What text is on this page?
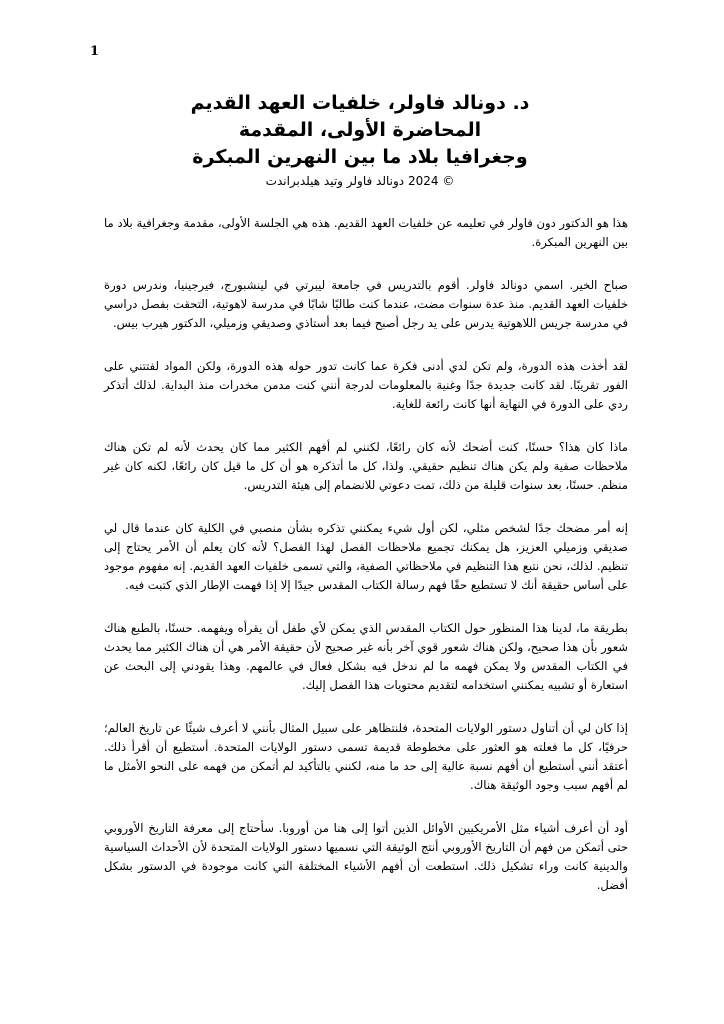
1
د. دونالد فاولر، خلفيات العهد القديم
المحاضرة الأولى، المقدمة
وجغرافيا بلاد ما بين النهرين المبكرة
© 2024 دونالد فاولر وتيد هيلدبراندت

هذا هو الدكتور دون فاولر في تعليمه عن خلفيات العهد القديم. هذه هي الجلسة الأولى، مقدمة وجغرافية بلاد ما بين النهرين المبكرة.

صباح الخير. اسمي دونالد فاولر. أقوم بالتدريس في جامعة ليبرتي في لينشبورج، فيرجينيا، وندرس دورة خلفيات العهد القديم. منذ عدة سنوات مضت، عندما كنت طالبًا شابًا في مدرسة لاهوتية، التحقت بفصل دراسي في مدرسة جريس اللاهوتية يدرس على يد رجل أصبح فيما بعد أستاذي وصديقي وزميلي، الدكتور هيرب بيس.

لقد أخذت هذه الدورة، ولم تكن لدي أدنى فكرة عما كانت تدور حوله هذه الدورة، ولكن المواد لفتتني على الفور تقريبًا. لقد كانت جديدة جدًا وغنية بالمعلومات لدرجة أنني كنت مدمن مخدرات منذ البداية. لذلك أتذكر ردي على الدورة في النهاية أنها كانت رائعة للغاية.

ماذا كان هذا؟ حسنًا، كنت أضحك لأنه كان رائعًا، لكنني لم أفهم الكثير مما كان يحدث لأنه لم تكن هناك ملاحظات صفية ولم يكن هناك تنظيم حقيقي. ولذا، كل ما أتذكره هو أن كل ما قيل كان رائعًا، لكنه كان غير منظم. حسنًا، بعد سنوات قليلة من ذلك، تمت دعوتي للانضمام إلى هيئة التدريس.

إنه أمر مضحك جدًا لشخص مثلي، لكن أول شيء يمكنني تذكره بشأن منصبي في الكلية كان عندما قال لي صديقي وزميلي العزيز، هل يمكنك تجميع ملاحظات الفصل لهذا الفصل؟ لأنه كان يعلم أن الأمر يحتاج إلى تنظيم. لذلك، نحن نتبع هذا التنظيم في ملاحظاتي الصفية، والتي تسمى خلفيات العهد القديم. إنه مفهوم موجود على أساس حقيقة أنك لا تستطيع حقًا فهم رسالة الكتاب المقدس جيدًا إلا إذا فهمت الإطار الذي كتبت فيه.

بطريقة ما، لدينا هذا المنظور حول الكتاب المقدس الذي يمكن لأي طفل أن يقرأه ويفهمه. حسنًا، بالطبع هناك شعور بأن هذا صحيح، ولكن هناك شعور قوي آخر بأنه غير صحيح لأن حقيقة الأمر هي أن هناك الكثير مما يحدث في الكتاب المقدس ولا يمكن فهمه ما لم ندخل فيه بشكل فعال في عالمهم. وهذا يقودني إلى البحث عن استعارة أو تشبيه يمكنني استخدامه لتقديم محتويات هذا الفصل إليك.

إذا كان لي أن أتناول دستور الولايات المتحدة، فلنتظاهر على سبيل المثال بأنني لا أعرف شيئًا عن تاريخ العالم؛ حرفيًا، كل ما فعلته هو العثور على مخطوطة قديمة تسمى دستور الولايات المتحدة. أستطيع أن أقرأ ذلك. أعتقد أنني أستطيع أن أفهم نسبة عالية إلى حد ما منه، لكنني بالتأكيد لم أتمكن من فهمه على النحو الأمثل ما لم أفهم سبب وجود الوثيقة هناك.

أود أن أعرف أشياء مثل الأمريكيين الأوائل الذين أتوا إلى هنا من أوروبا. سأحتاج إلى معرفة التاريخ الأوروبي حتى أتمكن من فهم أن التاريخ الأوروبي أنتج الوثيقة التي نسميها دستور الولايات المتحدة لأن الأحداث السياسية والدينية كانت وراء تشكيل ذلك. استطعت أن أفهم الأشياء المختلفة التي كانت موجودة في الدستور بشكل أفضل.
